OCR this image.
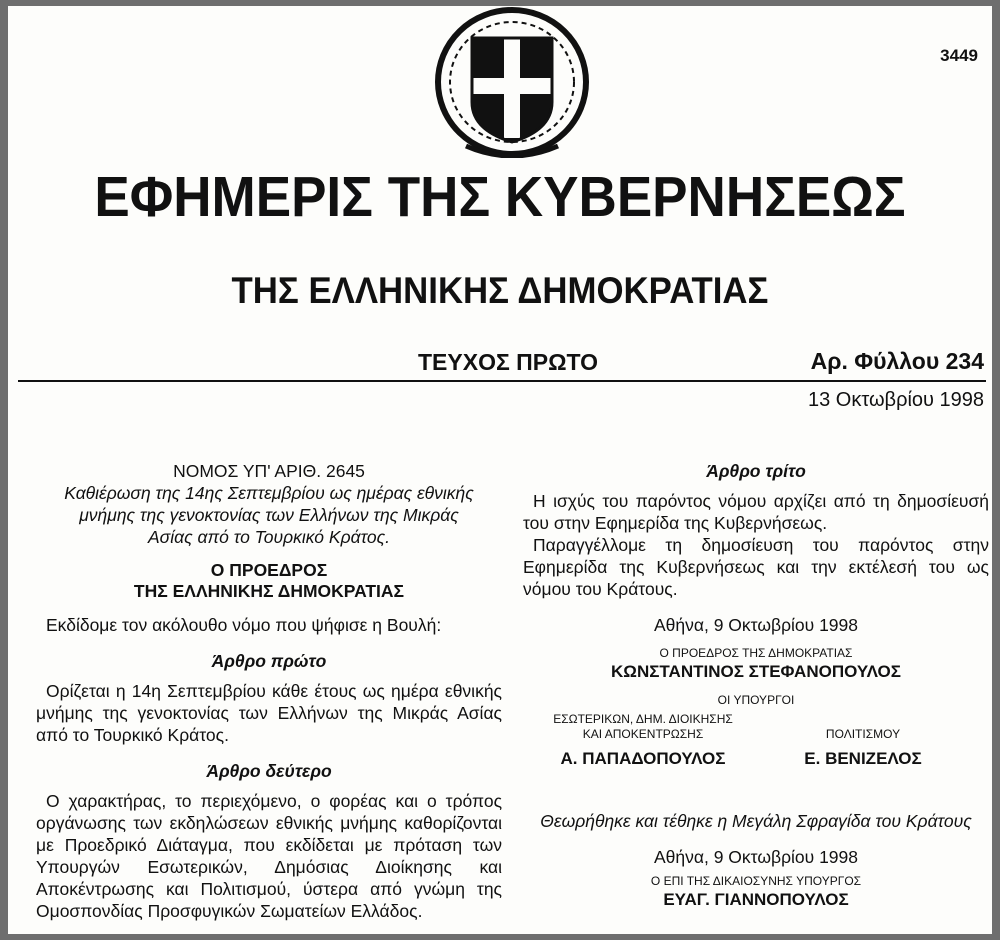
3449
ΕΦΗΜΕΡΙΣ ΤΗΣ ΚΥΒΕΡΝΗΣΕΩΣ
ΤΗΣ ΕΛΛΗΝΙΚΗΣ ΔΗΜΟΚΡΑΤΙΑΣ
ΤΕΥΧΟΣ ΠΡΩΤΟ	Αρ. Φύλλου 234
13 Οκτωβρίου 1998
ΝΟΜΟΣ ΥΠ' ΑΡΙΘ. 2645

Καθιέρωση της 14ης Σεπτεμβρίου ως ημέρας εθνικής μνήμης της γενοκτονίας των Ελλήνων της Μικράς Ασίας από το Τουρκικό Κράτος.

Ο ΠΡΟΕΔΡΟΣ
ΤΗΣ ΕΛΛΗΝΙΚΗΣ ΔΗΜΟΚΡΑΤΙΑΣ

Εκδίδομε τον ακόλουθο νόμο που ψήφισε η Βουλή:

Άρθρο πρώτο

Ορίζεται η 14η Σεπτεμβρίου κάθε έτους ως ημέρα εθνικής μνήμης της γενοκτονίας των Ελλήνων της Μικράς Ασίας από το Τουρκικό Κράτος.

Άρθρο δεύτερο

Ο χαρακτήρας, το περιεχόμενο, ο φορέας και ο τρόπος οργάνωσης των εκδηλώσεων εθνικής μνήμης καθορίζονται με Προεδρικό Διάταγμα, που εκδίδεται με πρόταση των Υπουργών Εσωτερικών, Δημόσιας Διοίκησης και Αποκέντρωσης και Πολιτισμού, ύστερα από γνώμη της Ομοσπονδίας Προσφυγικών Σωματείων Ελλάδος.

Άρθρο τρίτο

Η ισχύς του παρόντος νόμου αρχίζει από τη δημοσίευσή του στην Εφημερίδα της Κυβερνήσεως.

Παραγγέλλομε τη δημοσίευση του παρόντος στην Εφημερίδα της Κυβερνήσεως και την εκτέλεσή του ως νόμου του Κράτους.

Αθήνα, 9 Οκτωβρίου 1998
Ο ΠΡΟΕΔΡΟΣ ΤΗΣ ΔΗΜΟΚΡΑΤΙΑΣ
ΚΩΝΣΤΑΝΤΙΝΟΣ ΣΤΕΦΑΝΟΠΟΥΛΟΣ
ΟΙ ΥΠΟΥΡΓΟΙ
ΕΣΩΤΕΡΙΚΩΝ, ΔΗΜ. ΔΙΟΙΚΗΣΗΣ
ΚΑΙ ΑΠΟΚΕΝΤΡΩΣΗΣ
Α. ΠΑΠΑΔΟΠΟΥΛΟΣ
ΠΟΛΙΤΙΣΜΟΥ
Ε. ΒΕΝΙΖΕΛΟΣ
Θεωρήθηκε και τέθηκε η Μεγάλη Σφραγίδα του Κράτους
Αθήνα, 9 Οκτωβρίου 1998
Ο ΕΠΙ ΤΗΣ ΔΙΚΑΙΟΣΥΝΗΣ ΥΠΟΥΡΓΟΣ
ΕΥΑΓ. ΓΙΑΝΝΟΠΟΥΛΟΣ
